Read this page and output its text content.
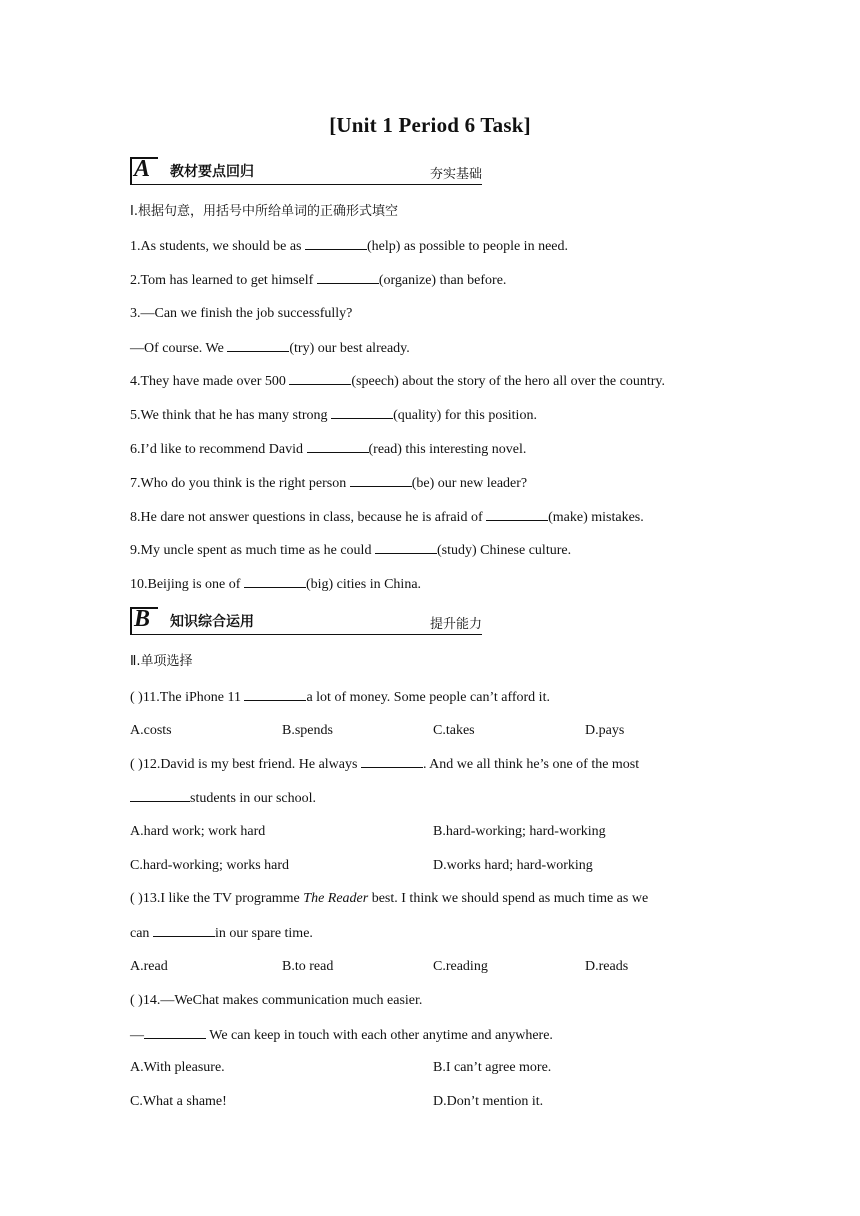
[Unit 1 Period 6 Task]
A 教材要点回归	夯实基础
Ⅰ.根据句意，用括号中所给单词的正确形式填空
1.As students, we should be as	(help) as possible to people in need.
2.Tom has learned to get himself	(organize) than before.
3.—Can we finish the job successfully?
—Of course. We	(try) our best already.
4.They have made over 500	(speech) about the story of the hero all over the country.
5.We think that he has many strong	(quality) for this position.
6.I’d like to recommend David	(read) this interesting novel.
7.Who do you think is the right person	(be) our new leader?
8.He dare not answer questions in class, because he is afraid of	(make) mistakes.
9.My uncle spent as much time as he could	(study) Chinese culture.
10.Beijing is one of	(big) cities in China.
B 知识综合运用	提升能力
Ⅱ.单项选择
( )11.The iPhone 11	a lot of money. Some people can’t afford it.
A.costs	B.spends	C.takes	D.pays
( )12.David is my best friend. He always	. And we all think he’s one of the most
students in our school.
A.hard work; work hard	B.hard-working; hard-working
C.hard-working; works hard	D.works hard; hard-working
( )13.I like the TV programme The Reader best. I think we should spend as much time as we
can	in our spare time.
A.read	B.to read	C.reading	D.reads
( )14.—WeChat makes communication much easier.
—	We can keep in touch with each other anytime and anywhere.
A.With pleasure.	B.I can’t agree more.
C.What a shame!	D.Don’t mention it.
